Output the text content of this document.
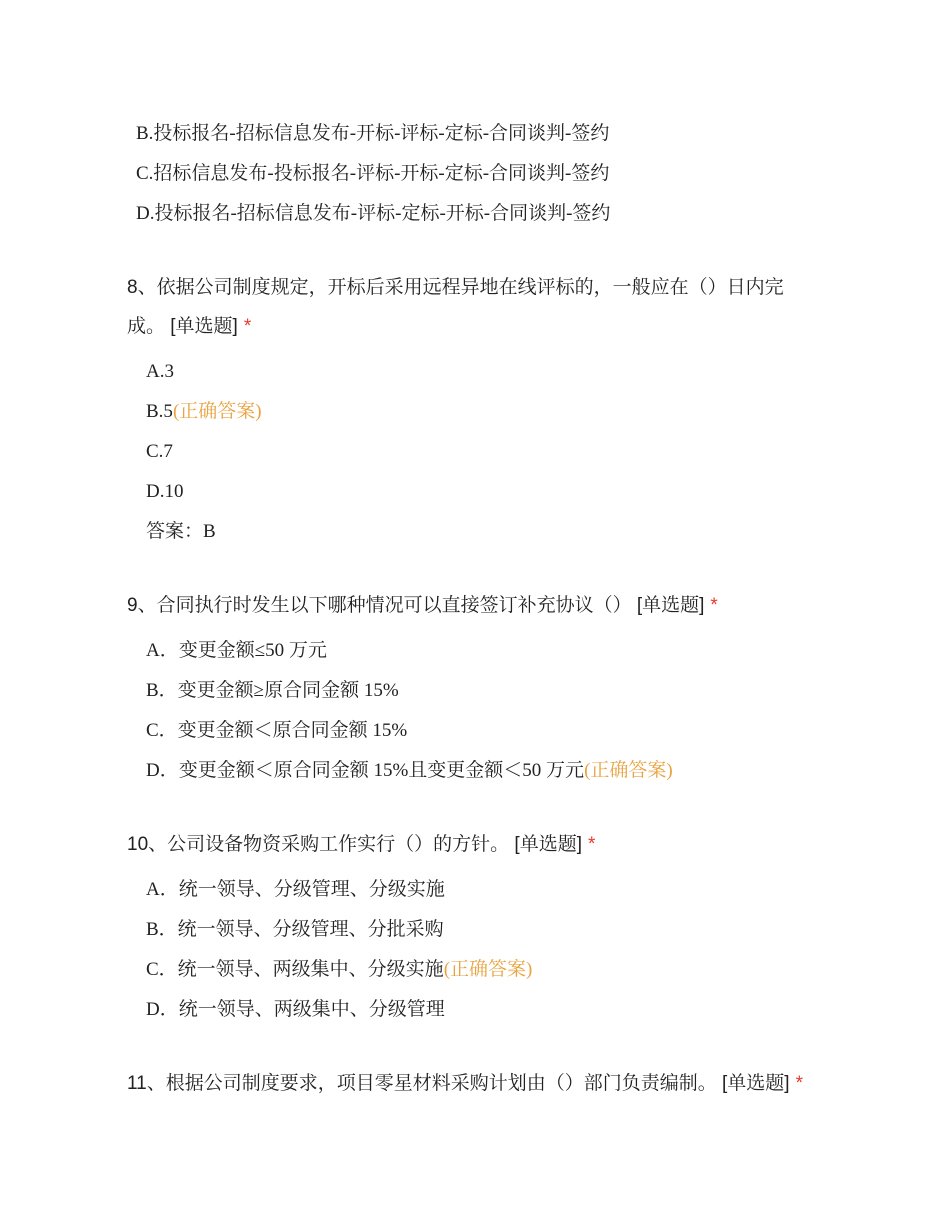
B.投标报名-招标信息发布-开标-评标-定标-合同谈判-签约
C.招标信息发布-投标报名-评标-开标-定标-合同谈判-签约
D.投标报名-招标信息发布-评标-定标-开标-合同谈判-签约
8、依据公司制度规定，开标后采用远程异地在线评标的，一般应在（）日内完
成。 [单选题] *
A.3
B.5(正确答案)
C.7
D.10
答案：B
9、合同执行时发生以下哪种情况可以直接签订补充协议（） [单选题] *
A．变更金额≤50 万元
B．变更金额≥原合同金额 15%
C．变更金额＜原合同金额 15%
D．变更金额＜原合同金额 15%且变更金额＜50 万元(正确答案)
10、公司设备物资采购工作实行（）的方针。 [单选题] *
A．统一领导、分级管理、分级实施
B．统一领导、分级管理、分批采购
C．统一领导、两级集中、分级实施(正确答案)
D．统一领导、两级集中、分级管理
11、根据公司制度要求，项目零星材料采购计划由（）部门负责编制。 [单选题] *
